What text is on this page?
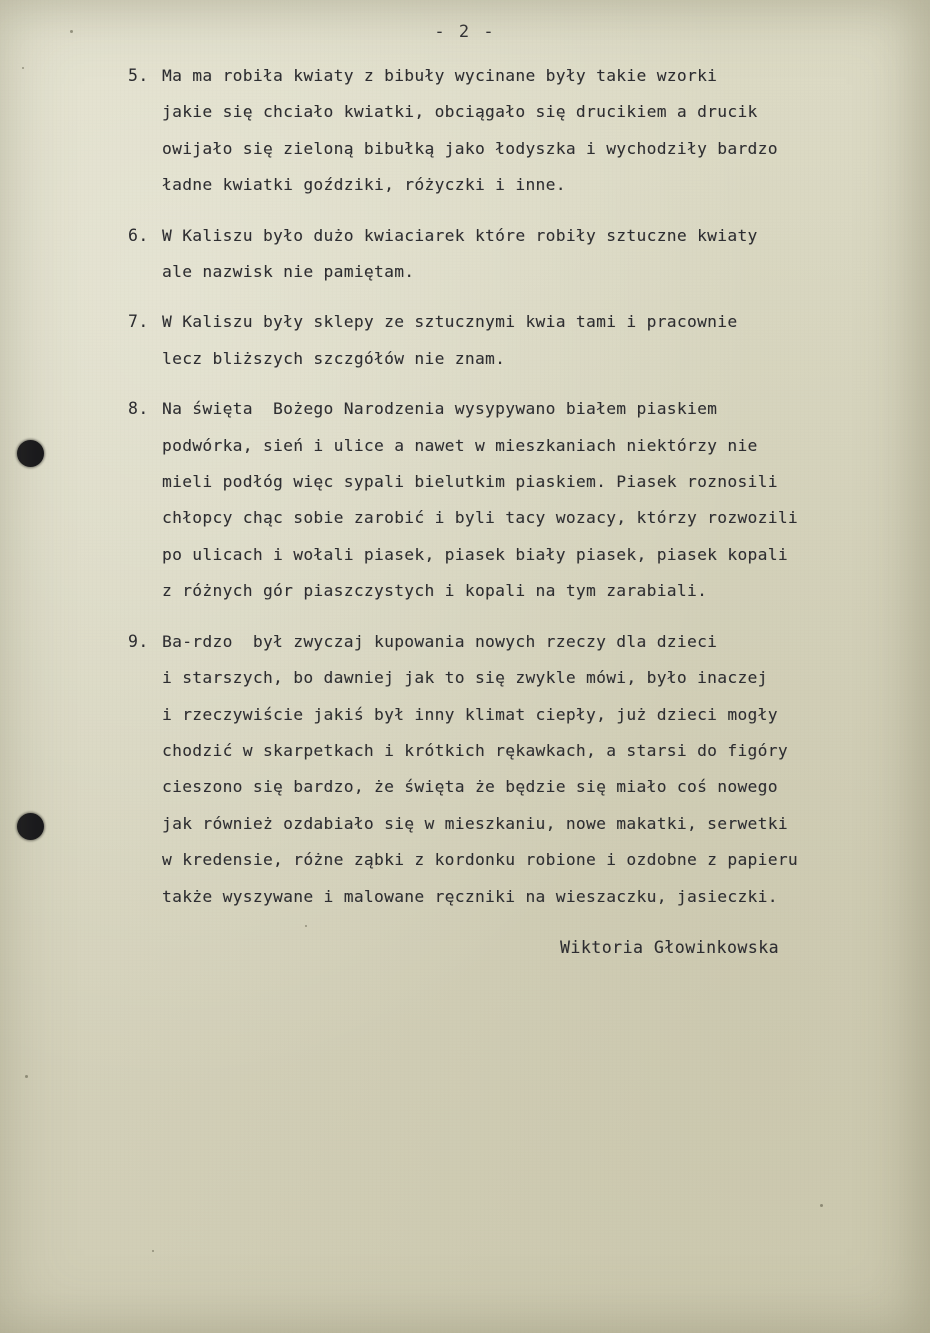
- 2 -
5. Ma ma robiła kwiaty z bibuły wycinane były takie wzorki
jakie się chciało kwiatki, obciągało się drucikiem a drucik
owijało się zieloną bibułką jako łodyszka i wychodziły bardzo
ładne kwiatki goździki, różyczki i inne.
6. W Kaliszu było dużo kwiaciarek które robiły sztuczne kwiaty
ale nazwisk nie pamiętam.
7. W Kaliszu były sklepy ze sztucznymi kwia tami i pracownie
lecz bliższych szczgółów nie znam.
8. Na święta  Bożego Narodzenia wysypywano białem piaskiem
podwórka, sień i ulice a nawet w mieszkaniach niektórzy nie
mieli podłóg więc sypali bielutkim piaskiem. Piasek roznosili
chłopcy chąc sobie zarobić i byli tacy wozacy, którzy rozwozili
po ulicach i wołali piasek, piasek biały piasek, piasek kopali
z różnych gór piaszczystych i kopali na tym zarabiali.
9. Ba-rdzo  był zwyczaj kupowania nowych rzeczy dla dzieci
i starszych, bo dawniej jak to się zwykle mówi, było inaczej
i rzeczywiście jakiś był inny klimat ciepły, już dzieci mogły
chodzić w skarpetkach i krótkich rękawkach, a starsi do figóry
cieszono się bardzo, że święta że będzie się miało coś nowego
jak również ozdabiało się w mieszkaniu, nowe makatki, serwetki
w kredensie, różne ząbki z kordonku robione i ozdobne z papieru
także wyszywane i malowane ręczniki na wieszaczku, jasieczki.
Wiktoria Głowinkowska
